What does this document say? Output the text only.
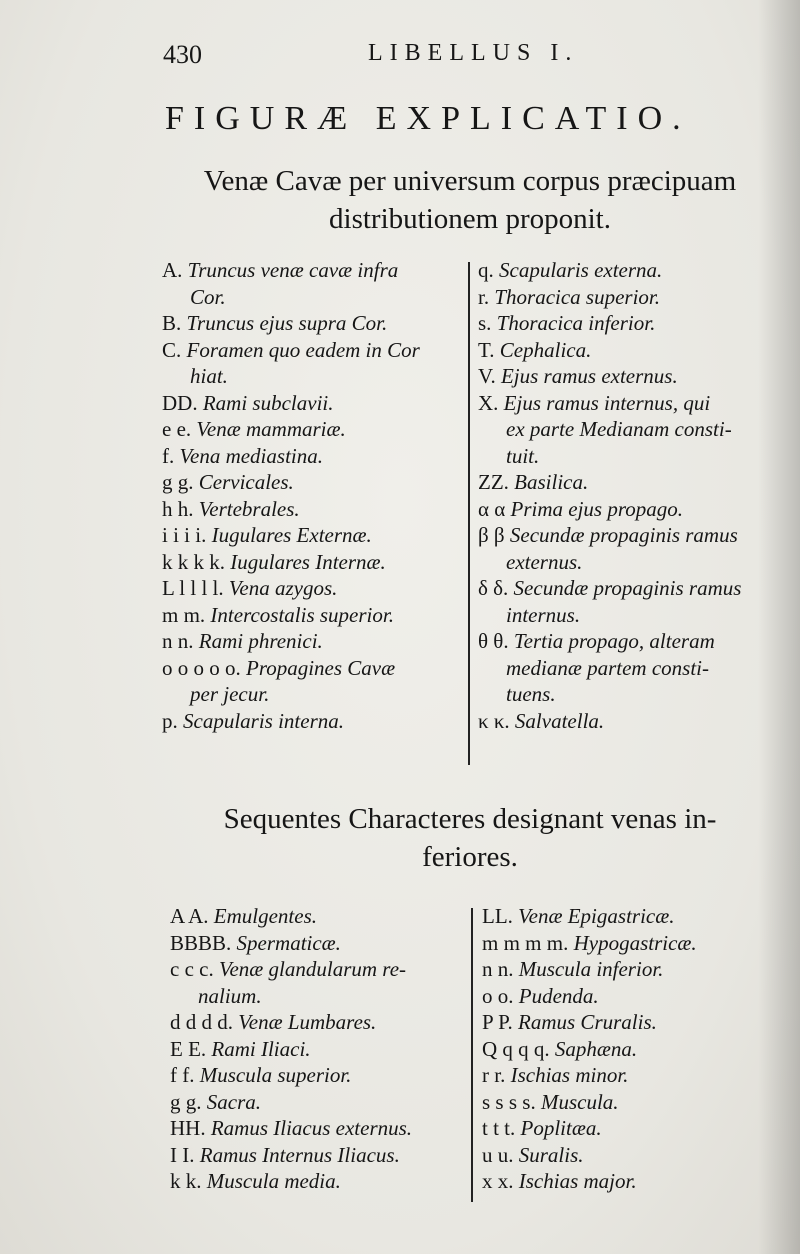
430	LIBELLUS I.
FIGURÆ EXPLICATIO.
Venæ Cavæ per universum corpus præcipuam
distributionem proponit.
A. Truncus venæ cavæ infra
Cor.
B. Truncus ejus supra Cor.
C. Foramen quo eadem in Cor
hiat.
DD. Rami subclavii.
e e. Venæ mammariæ.
f. Vena mediastina.
g g. Cervicales.
h h. Vertebrales.
i i i i. Iugulares Externæ.
k k k k. Iugulares Internæ.
L l l l l. Vena azygos.
m m. Intercostalis superior.
n n. Rami phrenici.
o o o o o. Propagines Cavæ
per jecur.
p. Scapularis interna.
q. Scapularis externa.
r. Thoracica superior.
s. Thoracica inferior.
T. Cephalica.
V. Ejus ramus externus.
X. Ejus ramus internus, qui
ex parte Medianam consti-
tuit.
ZZ. Basilica.
α α Prima ejus propago.
β β Secundæ propaginis ramus
externus.
δ δ. Secundæ propaginis ramus
internus.
θ θ. Tertia propago, alteram
medianæ partem consti-
tuens.
κ κ. Salvatella.
Sequentes Characteres designant venas in-
feriores.
A A. Emulgentes.
BBBB. Spermaticæ.
c c c. Venæ glandularum re-
nalium.
d d d d. Venæ Lumbares.
E E. Rami Iliaci.
f f. Muscula superior.
g g. Sacra.
HH. Ramus Iliacus externus.
I I. Ramus Internus Iliacus.
k k. Muscula media.
LL. Venæ Epigastricæ.
m m m m. Hypogastricæ.
n n. Muscula inferior.
o o. Pudenda.
P P. Ramus Cruralis.
Q q q q. Saphæna.
r r. Ischias minor.
s s s s. Muscula.
t t t. Poplitæa.
u u. Suralis.
x x. Ischias major.
